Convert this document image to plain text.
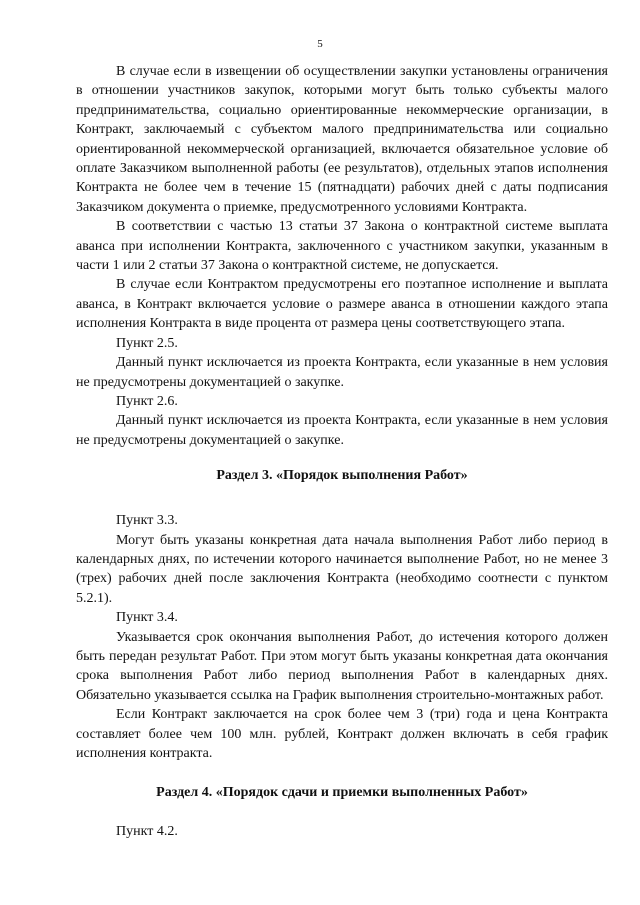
5

В случае если в извещении об осуществлении закупки установлены ограничения в отношении участников закупок, которыми могут быть только субъекты малого предпринимательства, социально ориентированные некоммерческие организации, в Контракт, заключаемый с субъектом малого предпринимательства или социально ориентированной некоммерческой организацией, включается обязательное условие об оплате Заказчиком выполненной работы (ее результатов), отдельных этапов исполнения Контракта не более чем в течение 15 (пятнадцати) рабочих дней с даты подписания Заказчиком документа о приемке, предусмотренного условиями Контракта.

В соответствии с частью 13 статьи 37 Закона о контрактной системе выплата аванса при исполнении Контракта, заключенного с участником закупки, указанным в части 1 или 2 статьи 37 Закона о контрактной системе, не допускается.

В случае если Контрактом предусмотрены его поэтапное исполнение и выплата аванса, в Контракт включается условие о размере аванса в отношении каждого этапа исполнения Контракта в виде процента от размера цены соответствующего этапа.

Пункт 2.5.

Данный пункт исключается из проекта Контракта, если указанные в нем условия не предусмотрены документацией о закупке.

Пункт 2.6.

Данный пункт исключается из проекта Контракта, если указанные в нем условия не предусмотрены документацией о закупке.

Раздел 3. «Порядок выполнения Работ»

Пункт 3.3.

Могут быть указаны конкретная дата начала выполнения Работ либо период в календарных днях, по истечении которого начинается выполнение Работ, но не менее 3 (трех) рабочих дней после заключения Контракта (необходимо соотнести с пунктом 5.2.1).

Пункт 3.4.

Указывается срок окончания выполнения Работ, до истечения которого должен быть передан результат Работ. При этом могут быть указаны конкретная дата окончания срока выполнения Работ либо период выполнения Работ в календарных днях. Обязательно указывается ссылка на График выполнения строительно-монтажных работ.

Если Контракт заключается на срок более чем 3 (три) года и цена Контракта составляет более чем 100 млн. рублей, Контракт должен включать в себя график исполнения контракта.

Раздел 4. «Порядок сдачи и приемки выполненных Работ»

Пункт 4.2.
